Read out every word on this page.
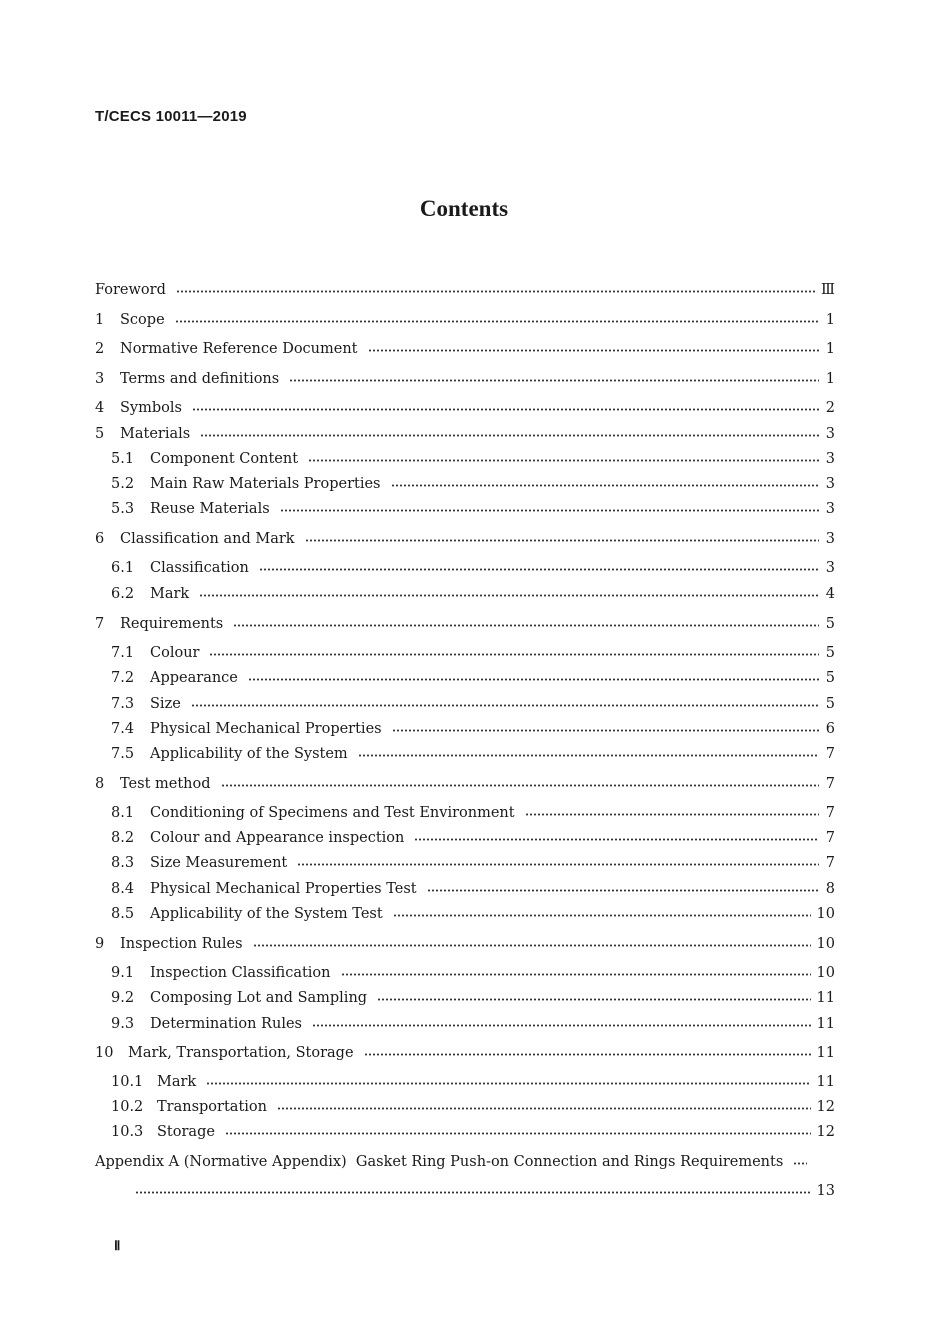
T/CECS 10011—2019
Contents
Foreword	Ⅲ
1	Scope	1
2	Normative Reference Document	1
3	Terms and definitions	1
4	Symbols	2
5	Materials	3
5.1	Component Content	3
5.2	Main Raw Materials Properties	3
5.3	Reuse Materials	3
6	Classification and Mark	3
6.1	Classification	3
6.2	Mark	4
7	Requirements	5
7.1	Colour	5
7.2	Appearance	5
7.3	Size	5
7.4	Physical Mechanical Properties	6
7.5	Applicability of the System	7
8	Test method	7
8.1	Conditioning of Specimens and Test Environment	7
8.2	Colour and Appearance inspection	7
8.3	Size Measurement	7
8.4	Physical Mechanical Properties Test	8
8.5	Applicability of the System Test	10
9	Inspection Rules	10
9.1	Inspection Classification	10
9.2	Composing Lot and Sampling	11
9.3	Determination Rules	11
10	Mark, Transportation, Storage	11
10.1 Mark	11
10.2 Transportation	12
10.3 Storage	12
Appendix A (Normative Appendix)  Gasket Ring Push-on Connection and Rings Requirements
13
Ⅱ
